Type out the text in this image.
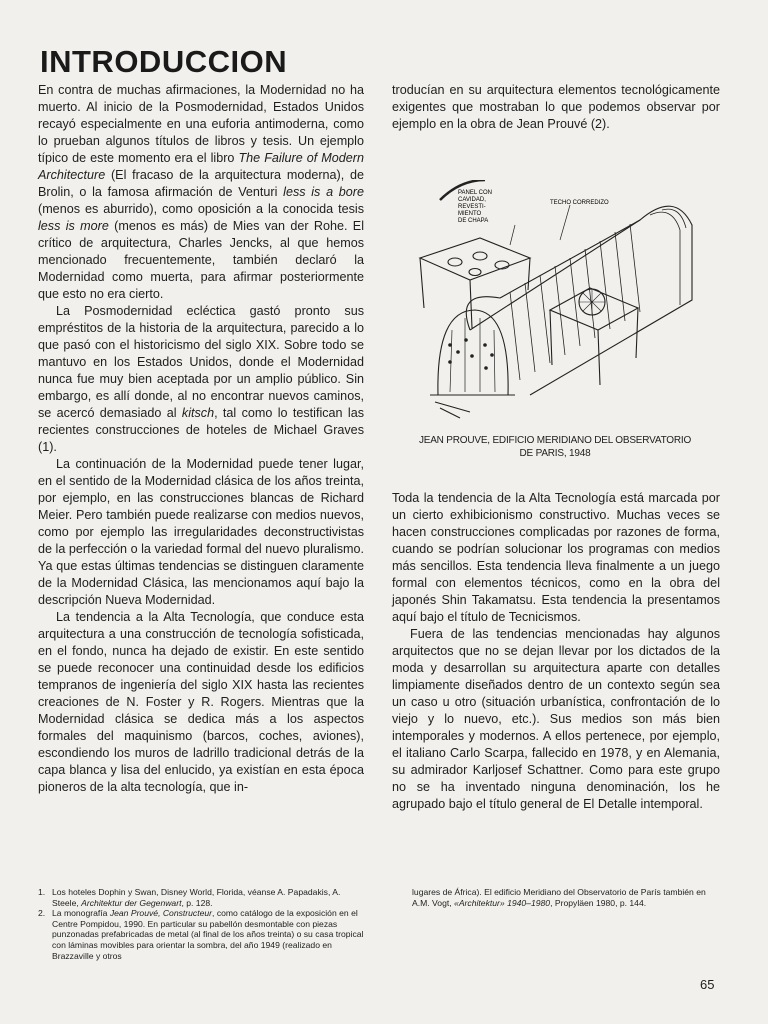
INTRODUCCION

En contra de muchas afirmaciones, la Modernidad no ha muerto. Al inicio de la Posmodernidad, Estados Unidos recayó especialmente en una euforia antimoderna, como lo prueban algunos títulos de libros y tesis. Un ejemplo típico de este momento era el libro The Failure of Modern Architecture (El fracaso de la arquitectura moderna), de Brolin, o la famosa afirmación de Venturi less is a bore (menos es aburrido), como oposición a la conocida tesis less is more (menos es más) de Mies van der Rohe. El crítico de arquitectura, Charles Jencks, al que hemos mencionado frecuentemente, también declaró la Modernidad como muerta, para afirmar posteriormente que esto no era cierto.

La Posmodernidad ecléctica gastó pronto sus empréstitos de la historia de la arquitectura, parecido a lo que pasó con el historicismo del siglo XIX. Sobre todo se mantuvo en los Estados Unidos, donde el Modernidad nunca fue muy bien aceptada por un amplio público. Sin embargo, es allí donde, al no encontrar nuevos caminos, se acercó demasiado al kitsch, tal como lo testifican las recientes construcciones de hoteles de Michael Graves (1).

La continuación de la Modernidad puede tener lugar, en el sentido de la Modernidad clásica de los años treinta, por ejemplo, en las construcciones blancas de Richard Meier. Pero también puede realizarse con medios nuevos, como por ejemplo las irregularidades deconstructivistas de la perfección o la variedad formal del nuevo pluralismo. Ya que estas últimas tendencias se distinguen claramente de la Modernidad Clásica, las mencionamos aquí bajo la descripción Nueva Modernidad.

La tendencia a la Alta Tecnología, que conduce esta arquitectura a una construcción de tecnología sofisticada, en el fondo, nunca ha dejado de existir. En este sentido se puede reconocer una continuidad desde los edificios tempranos de ingeniería del siglo XIX hasta las recientes creaciones de N. Foster y R. Rogers. Mientras que la Modernidad clásica se dedica más a los aspectos formales del maquinismo (barcos, coches, aviones), escondiendo los muros de ladrillo tradicional detrás de la capa blanca y lisa del enlucido, ya existían en esta época pioneros de la alta tecnología, que in-

troducían en su arquitectura elementos tecnológicamente exigentes que mostraban lo que podemos observar por ejemplo en la obra de Jean Prouvé (2).

PANEL CON CAVIDAD, REVESTI- MIENTO DE CHAPA
TECHO CORREDIZO
JEAN PROUVE, EDIFICIO MERIDIANO DEL OBSERVATORIO
DE PARIS, 1948

Toda la tendencia de la Alta Tecnología está marcada por un cierto exhibicionismo constructivo. Muchas veces se hacen construcciones complicadas por razones de forma, cuando se podrían solucionar los programas con medios más sencillos. Esta tendencia lleva finalmente a un juego formal con elementos técnicos, como en la obra del japonés Shin Takamatsu. Esta tendencia la presentamos aquí bajo el título de Tecnicismos.

Fuera de las tendencias mencionadas hay algunos arquitectos que no se dejan llevar por los dictados de la moda y desarrollan su arquitectura aparte con detalles limpiamente diseñados dentro de un contexto según sea un caso u otro (situación urbanística, confrontación de lo viejo y lo nuevo, etc.). Sus medios son más bien intemporales y modernos. A ellos pertenece, por ejemplo, el italiano Carlo Scarpa, fallecido en 1978, y en Alemania, su admirador Karljosef Schattner. Como para este grupo no se ha inventado ninguna denominación, los he agrupado bajo el título general de El Detalle intemporal.

1. Los hoteles Dophin y Swan, Disney World, Florida, véanse A. Papadakis, A. Steele, Architektur der Gegenwart, p. 128.
2. La monografía Jean Prouvé, Constructeur, como catálogo de la exposición en el Centre Pompidou, 1990. En particular su pabellón desmontable con piezas punzonadas prefabricadas de metal (al final de los años treinta) o su casa tropical con láminas movibles para orientar la sombra, del año 1949 (realizado en Brazzaville y otros
lugares de África). El edificio Meridiano del Observatorio de París también en A.M. Vogt, «Architektur» 1940–1980, Propyläen 1980, p. 144.
65
